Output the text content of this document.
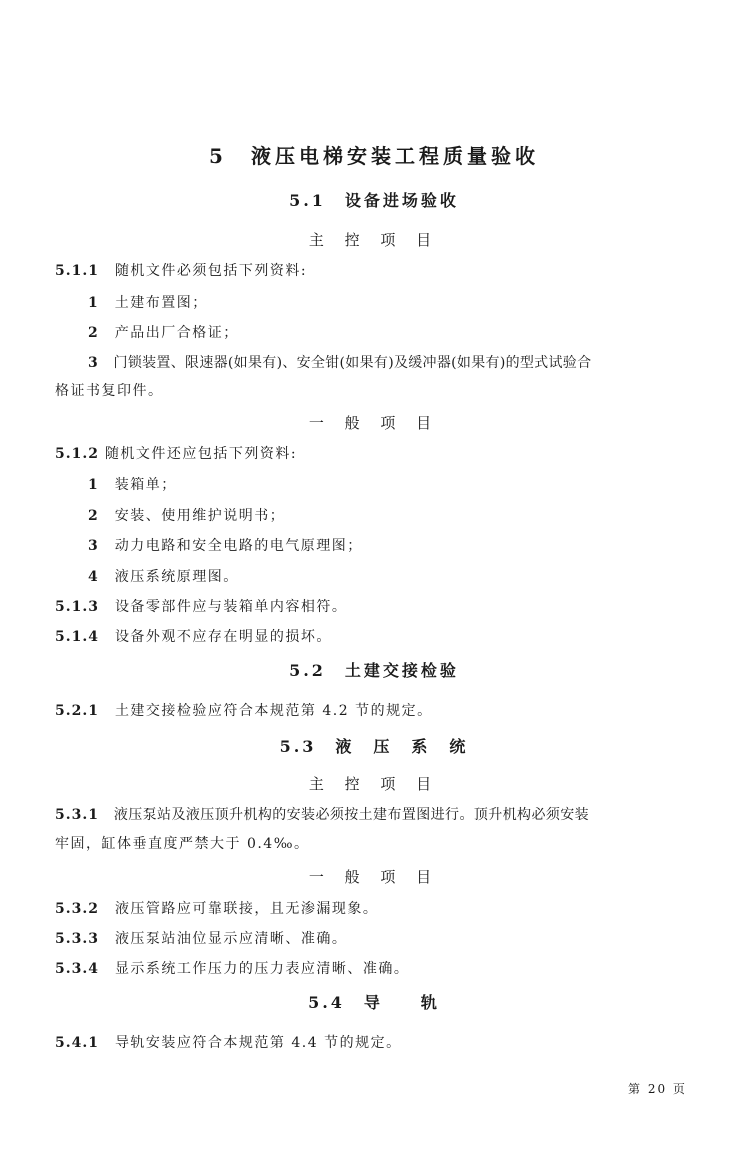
5　液压电梯安装工程质量验收
5.1　设备进场验收
主 控 项 目
5.1.1 随机文件必须包括下列资料:
1 土建布置图；
2 产品出厂合格证；
3 门锁装置、限速器(如果有)、安全钳(如果有)及缓冲器(如果有)的型式试验合
格证书复印件。
一 般 项 目
5.1.2 随机文件还应包括下列资料:
1 装箱单；
2 安装、使用维护说明书；
3 动力电路和安全电路的电气原理图；
4 液压系统原理图。
5.1.3 设备零部件应与装箱单内容相符。
5.1.4 设备外观不应存在明显的损坏。
5.2　土建交接检验
5.2.1 土建交接检验应符合本规范第 4.2 节的规定。
5.3　液　压　系　统
主 控 项 目
5.3.1 液压泵站及液压顶升机构的安装必须按土建布置图进行。顶升机构必须安装
牢固，缸体垂直度严禁大于 0.4‰。
一 般 项 目
5.3.2 液压管路应可靠联接，且无渗漏现象。
5.3.3 液压泵站油位显示应清晰、准确。
5.3.4 显示系统工作压力的压力表应清晰、准确。
5.4　导　　轨
5.4.1 导轨安装应符合本规范第 4.4 节的规定。
第 20 页
